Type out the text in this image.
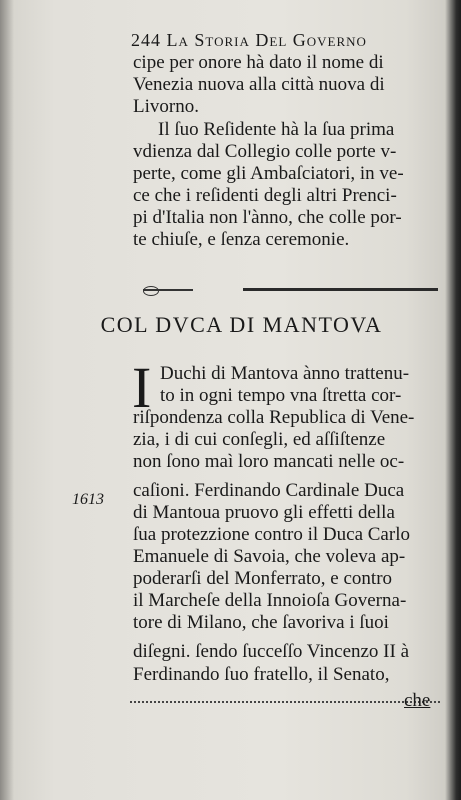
244 La Storia Del Governo
cipe per onore hà dato il nome di
Venezia nuova alla città nuova di
Livorno.
Il ſuo Reſidente hà la ſua prima
vdienza dal Collegio colle porte v-
perte, come gli Ambaſciatori, in ve-
ce che i reſidenti degli altri Prenci-
pi d'Italia non l'ànno, che colle por-
te chiuſe, e ſenza ceremonie.
COL DVCA DI MANTOVA
I Duchi di Mantova ànno trattenu-
to in ogni tempo vna ſtretta cor-
riſpondenza colla Republica di Vene-
zia, i di cui conſegli, ed aſſiſtenze
non ſono maì loro mancati nelle oc-
caſioni. Ferdinando Cardinale Duca
di Mantoua pruovo gli effetti della
ſua protezzione contro il Duca Carlo
Emanuele di Savoia, che voleva ap-
poderarſi del Monferrato, e contro
il Marcheſe della Innoioſa Governa-
tore di Milano, che ſavoriva i ſuoi
diſegni. ſendo ſucceſſo Vincenzo II à
Ferdinando ſuo fratello, il Senato,
1613
che
